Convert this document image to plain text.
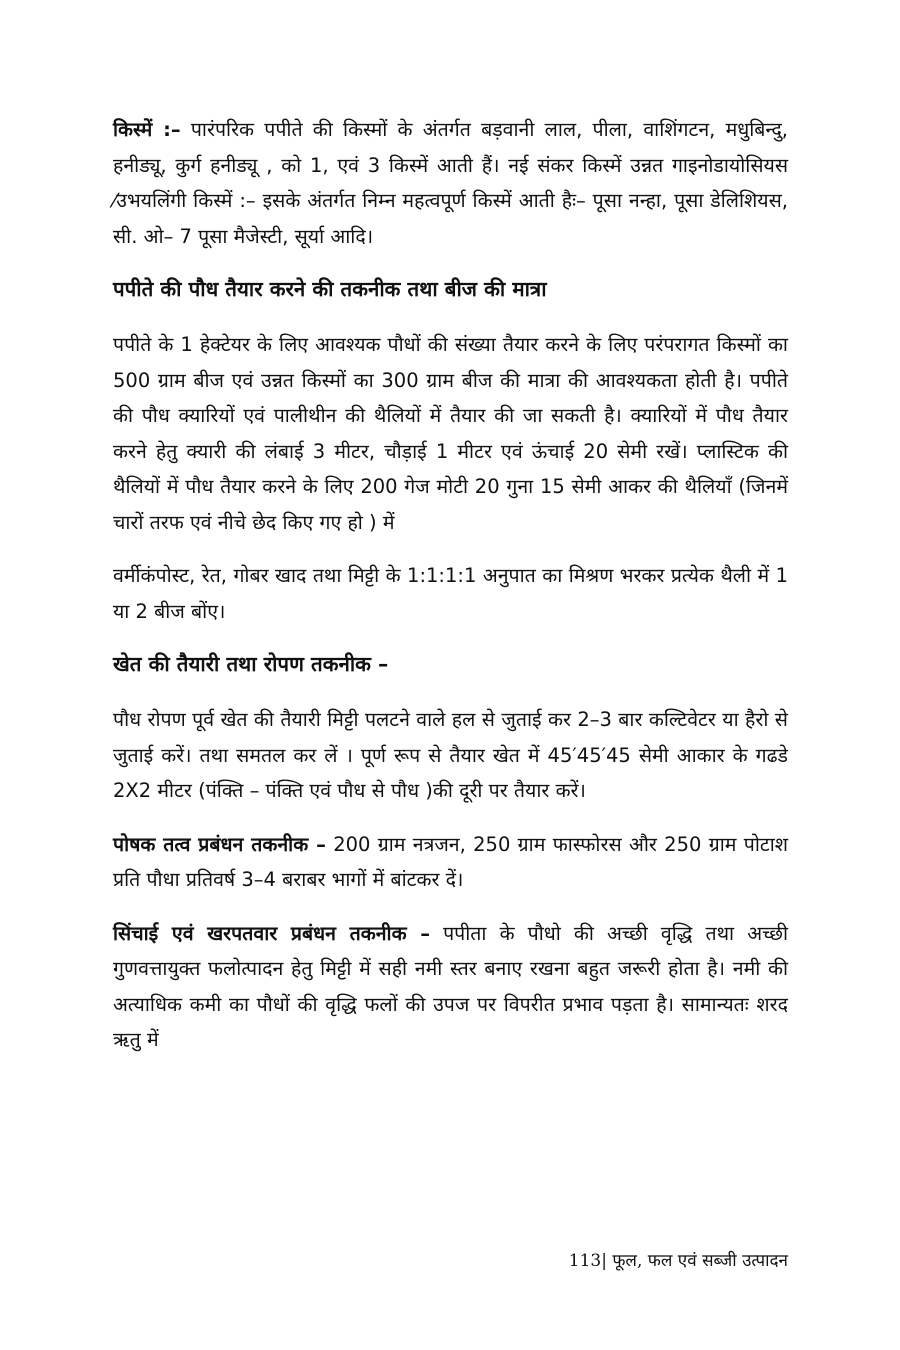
किस्में :– पारंपरिक पपीते की किस्मों के अंतर्गत बड़वानी लाल, पीला, वाशिंगटन, मधुबिन्दु, हनीड्यू, कुर्ग हनीड्यू , को 1, एवं 3 किस्में आती हैं। नई संकर किस्में उन्नत गाइनोडायोसियस ⁄उभयलिंगी किस्में :– इसके अंतर्गत निम्न महत्वपूर्ण किस्में आती हैः– पूसा नन्हा, पूसा डेलिशियस, सी. ओ– 7 पूसा मैजेस्टी, सूर्या आदि।

पपीते की पौध तैयार करने की तकनीक तथा बीज की मात्रा

पपीते के 1 हेक्टेयर के लिए आवश्यक पौधों की संख्या तैयार करने के लिए परंपरागत किस्मों का 500 ग्राम बीज एवं उन्नत किस्मों का 300 ग्राम बीज की मात्रा की आवश्यकता होती है। पपीते की पौध क्यारियों एवं पालीथीन की थैलियों में तैयार की जा सकती है। क्यारियों में पौध तैयार करने हेतु क्यारी की लंबाई 3 मीटर, चौड़ाई 1 मीटर एवं ऊंचाई 20 सेमी रखें। प्लास्टिक की थैलियों में पौध तैयार करने के लिए 200 गेज मोटी 20 गुना 15 सेमी आकर की थैलियाँ (जिनमें चारों तरफ एवं नीचे छेद किए गए हो ) में

वर्मीकंपोस्ट, रेत, गोबर खाद तथा मिट्टी के 1:1:1:1 अनुपात का मिश्रण भरकर प्रत्येक थैली में 1 या 2 बीज बोंए।

खेत की तैयारी तथा रोपण तकनीक –

पौध रोपण पूर्व खेत की तैयारी मिट्टी पलटने वाले हल से जुताई कर 2–3 बार कल्टिवेटर या हैरो से जुताई करें। तथा समतल कर लें । पूर्ण रूप से तैयार खेत में 45′45′45 सेमी आकार के गढडे 2X2 मीटर (पंक्ति – पंक्ति एवं पौध से पौध )की दूरी पर तैयार करें।

पोषक तत्व प्रबंधन तकनीक – 200 ग्राम नत्रजन, 250 ग्राम फास्फोरस और 250 ग्राम पोटाश प्रति पौधा प्रतिवर्ष 3–4 बराबर भागों में बांटकर दें।

सिंचाई एवं खरपतवार प्रबंधन तकनीक – पपीता के पौधो की अच्छी वृद्धि तथा अच्छी गुणवत्तायुक्त फलोत्पादन हेतु मिट्टी में सही नमी स्तर बनाए रखना बहुत जरूरी होता है। नमी की अत्याधिक कमी का पौधों की वृद्धि फलों की उपज पर विपरीत प्रभाव पड़ता है। सामान्यतः शरद ऋतु में

113| फूल, फल एवं सब्जी उत्पादन
